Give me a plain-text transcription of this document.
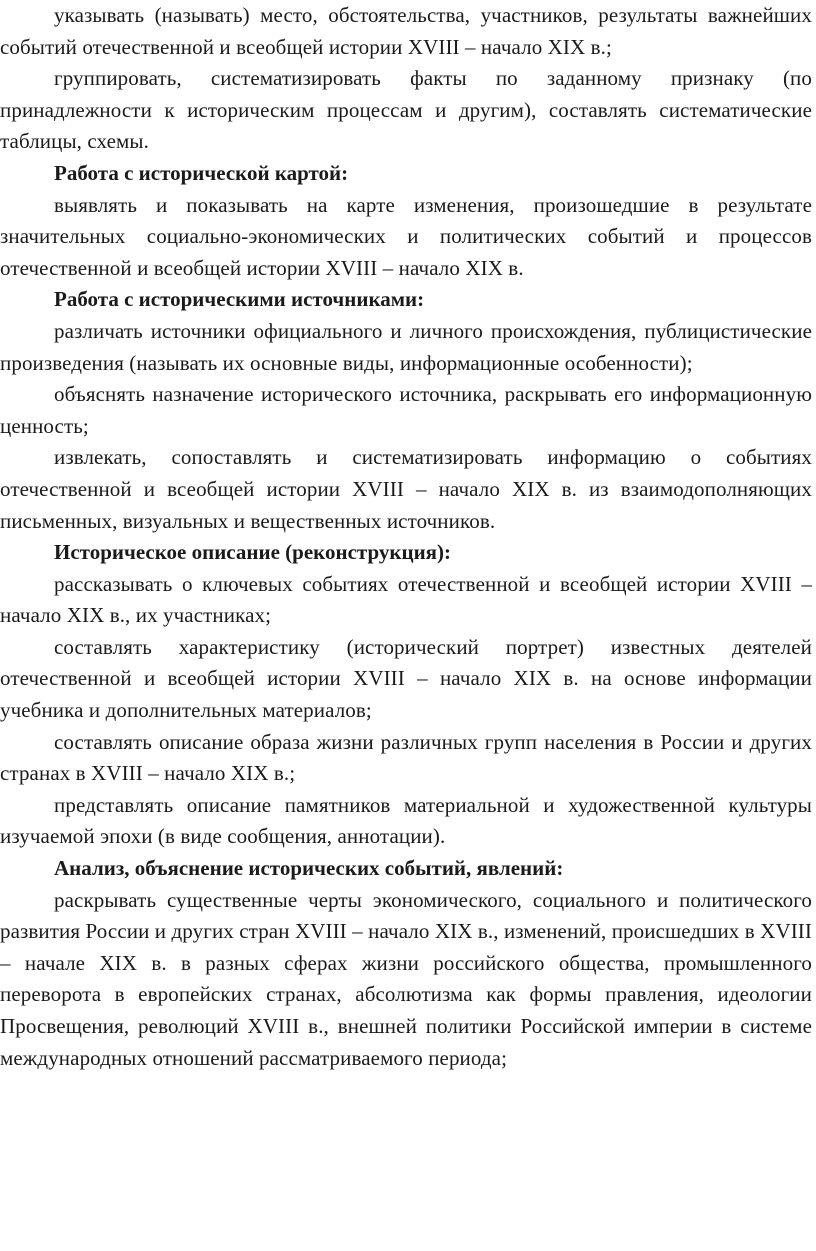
указывать (называть) место, обстоятельства, участников, результаты важнейших событий отечественной и всеобщей истории XVIII – начало XIX в.;

группировать, систематизировать факты по заданному признаку (по принадлежности к историческим процессам и другим), составлять систематические таблицы, схемы.

Работа с исторической картой:

выявлять и показывать на карте изменения, произошедшие в результате значительных социально-экономических и политических событий и процессов отечественной и всеобщей истории XVIII – начало XIX в.

Работа с историческими источниками:

различать источники официального и личного происхождения, публицистические произведения (называть их основные виды, информационные особенности);

объяснять назначение исторического источника, раскрывать его информационную ценность;

извлекать, сопоставлять и систематизировать информацию о событиях отечественной и всеобщей истории XVIII – начало XIX в. из взаимодополняющих письменных, визуальных и вещественных источников.

Историческое описание (реконструкция):

рассказывать о ключевых событиях отечественной и всеобщей истории XVIII – начало XIX в., их участниках;

составлять характеристику (исторический портрет) известных деятелей отечественной и всеобщей истории XVIII – начало XIX в. на основе информации учебника и дополнительных материалов;

составлять описание образа жизни различных групп населения в России и других странах в XVIII – начало XIX в.;

представлять описание памятников материальной и художественной культуры изучаемой эпохи (в виде сообщения, аннотации).

Анализ, объяснение исторических событий, явлений:

раскрывать существенные черты экономического, социального и политического развития России и других стран XVIII – начало XIX в., изменений, происшедших в XVIII – начале XIX в. в разных сферах жизни российского общества, промышленного переворота в европейских странах, абсолютизма как формы правления, идеологии Просвещения, революций XVIII в., внешней политики Российской империи в системе международных отношений рассматриваемого периода;
